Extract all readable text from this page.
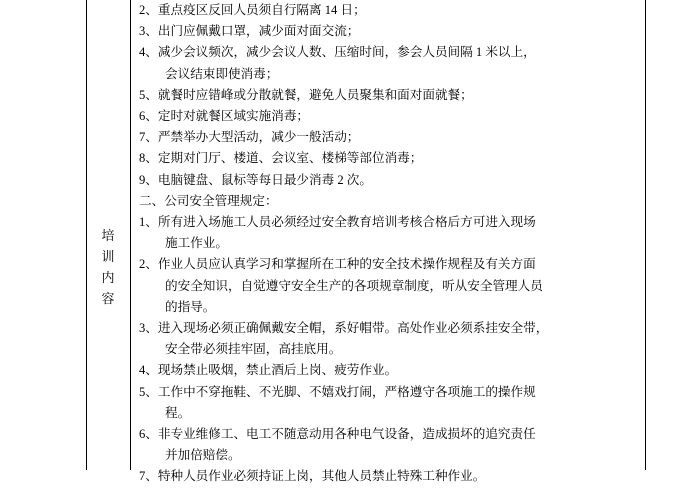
培
训
内
容
2、重点疫区反回人员须自行隔离 14 日；
3、出门应佩戴口罩，减少面对面交流；
4、减少会议频次，减少会议人数、压缩时间，参会人员间隔 1 米以上，
会议结束即使消毒；
5、就餐时应错峰或分散就餐，避免人员聚集和面对面就餐；
6、定时对就餐区域实施消毒；
7、严禁举办大型活动，减少一般活动；
8、定期对门厅、楼道、会议室、楼梯等部位消毒；
9、电脑键盘、鼠标等每日最少消毒 2 次。
二、公司安全管理规定：
1、所有进入场施工人员必须经过安全教育培训考核合格后方可进入现场
施工作业。
2、作业人员应认真学习和掌握所在工种的安全技术操作规程及有关方面
的安全知识，自觉遵守安全生产的各项规章制度，听从安全管理人员
的指导。
3、进入现场必须正确佩戴安全帽，系好帽带。高处作业必须系挂安全带，
安全带必须挂牢固，高挂底用。
4、现场禁止吸烟，禁止酒后上岗、疲劳作业。
5、工作中不穿拖鞋、不光脚、不嬉戏打闹，严格遵守各项施工的操作规
程。
6、非专业维修工、电工不随意动用各种电气设备，造成损坏的追究责任
并加倍赔偿。
7、特种人员作业必须持证上岗，其他人员禁止特殊工种作业。
